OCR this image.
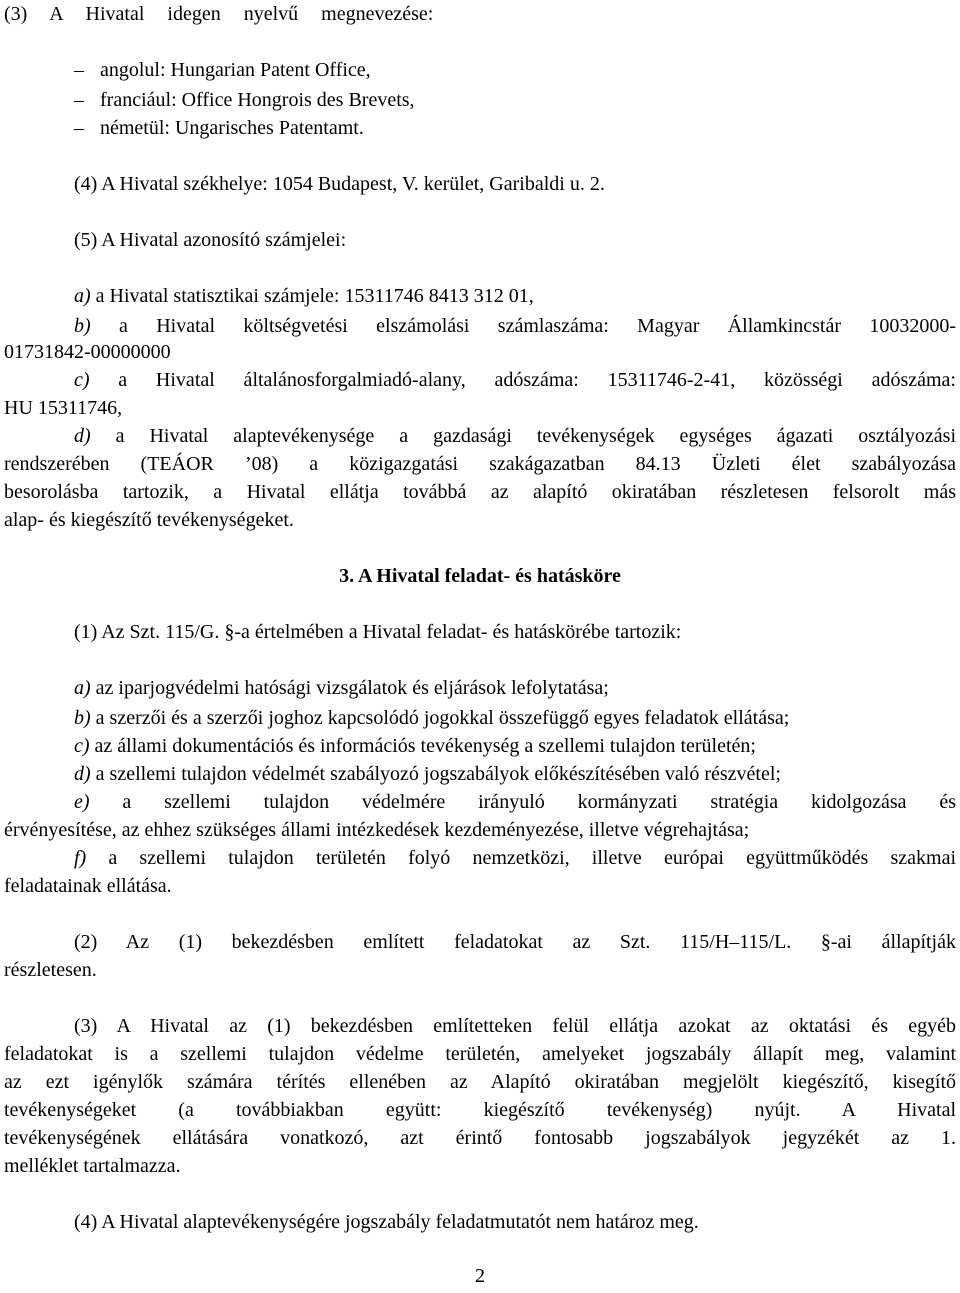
(3) A Hivatal idegen nyelvű megnevezése:
– angolul: Hungarian Patent Office,
– franciául: Office Hongrois des Brevets,
– németül: Ungarisches Patentamt.
(4) A Hivatal székhelye: 1054 Budapest, V. kerület, Garibaldi u. 2.
(5) A Hivatal azonosító számjelei:
a) a Hivatal statisztikai számjele: 15311746 8413 312 01,
b) a Hivatal költségvetési elszámolási számlaszáma: Magyar Államkincstár 10032000-
01731842-00000000
c) a Hivatal általánosforgalmiadó-alany, adószáma: 15311746-2-41, közösségi adószáma:
HU 15311746,
d) a Hivatal alaptevékenysége a gazdasági tevékenységek egységes ágazati osztályozási
rendszerében (TEÁOR ’08) a közigazgatási szakágazatban 84.13 Üzleti élet szabályozása
besorolásba tartozik, a Hivatal ellátja továbbá az alapító okiratában részletesen felsorolt más
alap- és kiegészítő tevékenységeket.
3. A Hivatal feladat- és hatásköre
(1) Az Szt. 115/G. §-a értelmében a Hivatal feladat- és hatáskörébe tartozik:
a) az iparjogvédelmi hatósági vizsgálatok és eljárások lefolytatása;
b) a szerzői és a szerzői joghoz kapcsolódó jogokkal összefüggő egyes feladatok ellátása;
c) az állami dokumentációs és információs tevékenység a szellemi tulajdon területén;
d) a szellemi tulajdon védelmét szabályozó jogszabályok előkészítésében való részvétel;
e) a szellemi tulajdon védelmére irányuló kormányzati stratégia kidolgozása és
érvényesítése, az ehhez szükséges állami intézkedések kezdeményezése, illetve végrehajtása;
f) a szellemi tulajdon területén folyó nemzetközi, illetve európai együttműködés szakmai
feladatainak ellátása.
(2) Az (1) bekezdésben említett feladatokat az Szt. 115/H–115/L. §-ai állapítják
részletesen.
(3) A Hivatal az (1) bekezdésben említetteken felül ellátja azokat az oktatási és egyéb
feladatokat is a szellemi tulajdon védelme területén, amelyeket jogszabály állapít meg, valamint
az ezt igénylők számára térítés ellenében az Alapító okiratában megjelölt kiegészítő, kisegítő
tevékenységeket (a továbbiakban együtt: kiegészítő tevékenység) nyújt. A Hivatal
tevékenységének ellátására vonatkozó, azt érintő fontosabb jogszabályok jegyzékét az 1.
melléklet tartalmazza.
(4) A Hivatal alaptevékenységére jogszabály feladatmutatót nem határoz meg.
2
